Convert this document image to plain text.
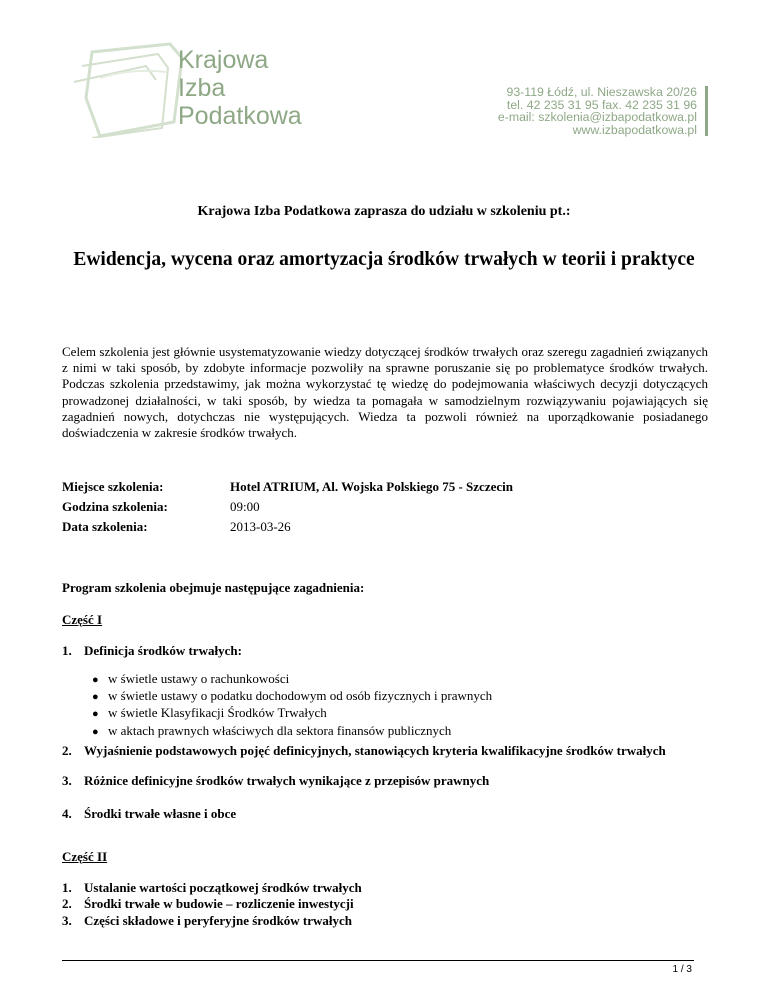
Krajowa
Izba
Podatkowa
93-119 Łódź, ul. Nieszawska 20/26
tel. 42 235 31 95 fax. 42 235 31 96
e-mail: szkolenia@izbapodatkowa.pl
www.izbapodatkowa.pl
Krajowa Izba Podatkowa zaprasza do udziału w szkoleniu pt.:
Ewidencja, wycena oraz amortyzacja środków trwałych w teorii i praktyce
Celem szkolenia jest głównie usystematyzowanie wiedzy dotyczącej środków trwałych oraz szeregu zagadnień związanych z nimi w taki sposób, by zdobyte informacje pozwoliły na sprawne poruszanie się po problematyce środków trwałych. Podczas szkolenia przedstawimy, jak można wykorzystać tę wiedzę do podejmowania właściwych decyzji dotyczących prowadzonej działalności, w taki sposób, by wiedza ta pomagała w samodzielnym rozwiązywaniu pojawiających się zagadnień nowych, dotychczas nie występujących. Wiedza ta pozwoli również na uporządkowanie posiadanego doświadczenia w zakresie środków trwałych.
Miejsce szkolenia:	Hotel ATRIUM, Al. Wojska Polskiego 75 - Szczecin
Godzina szkolenia:	09:00
Data szkolenia:	2013-03-26
Program szkolenia obejmuje następujące zagadnienia:
Część I
1. Definicja środków trwałych:
● w świetle ustawy o rachunkowości
● w świetle ustawy o podatku dochodowym od osób fizycznych i prawnych
● w świetle Klasyfikacji Środków Trwałych
● w aktach prawnych właściwych dla sektora finansów publicznych
2. Wyjaśnienie podstawowych pojęć definicyjnych, stanowiących kryteria kwalifikacyjne środków trwałych
3. Różnice definicyjne środków trwałych wynikające z przepisów prawnych
4. Środki trwałe własne i obce
Część II
1. Ustalanie wartości początkowej środków trwałych
2. Środki trwałe w budowie – rozliczenie inwestycji
3. Części składowe i peryferyjne środków trwałych
1 / 3
